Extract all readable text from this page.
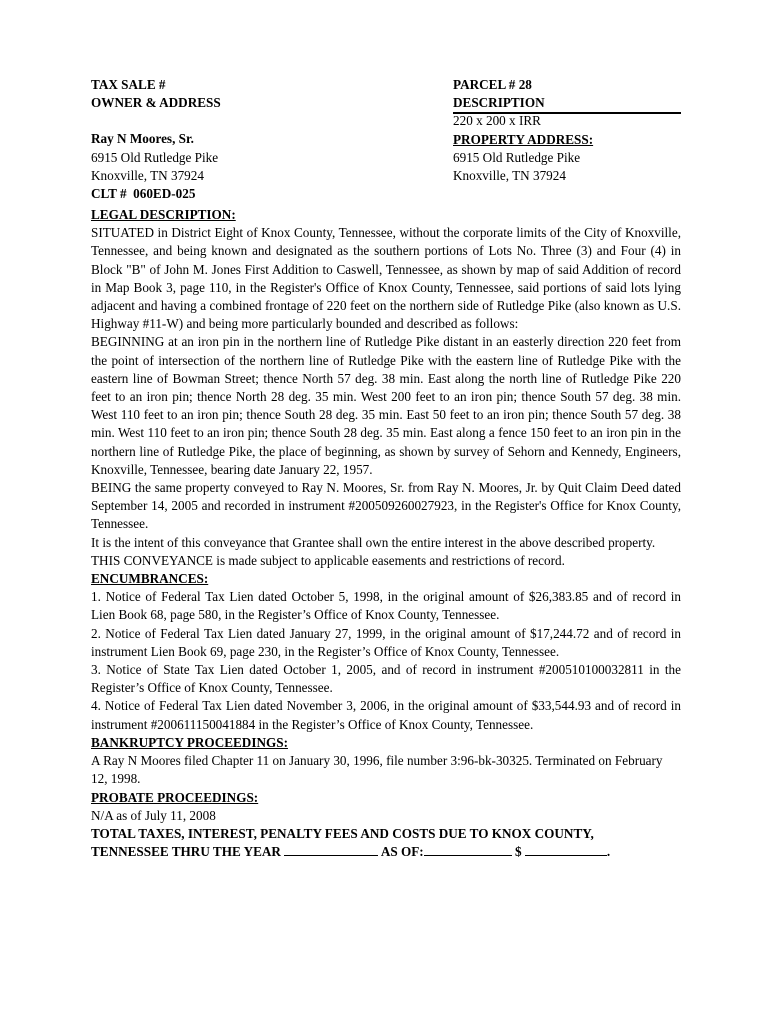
TAX SALE #
OWNER & ADDRESS
Ray N Moores, Sr.
6915 Old Rutledge Pike
Knoxville, TN 37924
CLT #  060ED-025
PARCEL # 28
DESCRIPTION
220 x 200 x IRR
PROPERTY ADDRESS:
6915 Old Rutledge Pike
Knoxville, TN 37924
LEGAL DESCRIPTION:
SITUATED in District Eight of Knox County, Tennessee, without the corporate limits of the City of Knoxville, Tennessee, and being known and designated as the southern portions of Lots No. Three (3) and Four (4) in Block "B" of John M. Jones First Addition to Caswell, Tennessee, as shown by map of said Addition of record in Map Book 3, page 110, in the Register's Office of Knox County, Tennessee, said portions of said lots lying adjacent and having a combined frontage of 220 feet on the northern side of Rutledge Pike (also known as U.S. Highway #11-W) and being more particularly bounded and described as follows:
BEGINNING at an iron pin in the northern line of Rutledge Pike distant in an easterly direction 220 feet from the point of intersection of the northern line of Rutledge Pike with the eastern line of Rutledge Pike with the eastern line of Bowman Street; thence North 57 deg. 38 min. East along the north line of Rutledge Pike 220 feet to an iron pin; thence North 28 deg. 35 min. West 200 feet to an iron pin; thence South 57 deg. 38 min. West 110 feet to an iron pin; thence South 28 deg. 35 min. East 50 feet to an iron pin; thence South 57 deg. 38 min. West 110 feet to an iron pin; thence South 28 deg. 35 min. East along a fence 150 feet to an iron pin in the northern line of Rutledge Pike, the place of beginning, as shown by survey of Sehorn and Kennedy, Engineers, Knoxville, Tennessee, bearing date January 22, 1957.
BEING the same property conveyed to Ray N. Moores, Sr. from Ray N. Moores, Jr. by Quit Claim Deed dated September 14, 2005 and recorded in instrument #200509260027923, in the Register's Office for Knox County, Tennessee.
It is the intent of this conveyance that Grantee shall own the entire interest in the above described property.
THIS CONVEYANCE is made subject to applicable easements and restrictions of record.
ENCUMBRANCES:
1. Notice of Federal Tax Lien dated October 5, 1998, in the original amount of $26,383.85 and of record in Lien Book 68, page 580, in the Register’s Office of Knox County, Tennessee.
2. Notice of Federal Tax Lien dated January 27, 1999, in the original amount of $17,244.72 and of record in instrument Lien Book 69, page 230, in the Register’s Office of Knox County, Tennessee.
3. Notice of State Tax Lien dated October 1, 2005, and of record in instrument #200510100032811 in the Register’s Office of Knox County, Tennessee.
4. Notice of Federal Tax Lien dated November 3, 2006, in the original amount of $33,544.93 and of record in instrument #200611150041884 in the Register’s Office of Knox County, Tennessee.
BANKRUPTCY PROCEEDINGS:
A Ray N Moores filed Chapter 11 on January 30, 1996, file number 3:96-bk-30325. Terminated on February 12, 1998.
PROBATE PROCEEDINGS:
N/A as of July 11, 2008
TOTAL TAXES, INTEREST, PENALTY FEES AND COSTS DUE TO KNOX COUNTY,
TENNESSEE THRU THE YEAR	AS OF:	$	.
